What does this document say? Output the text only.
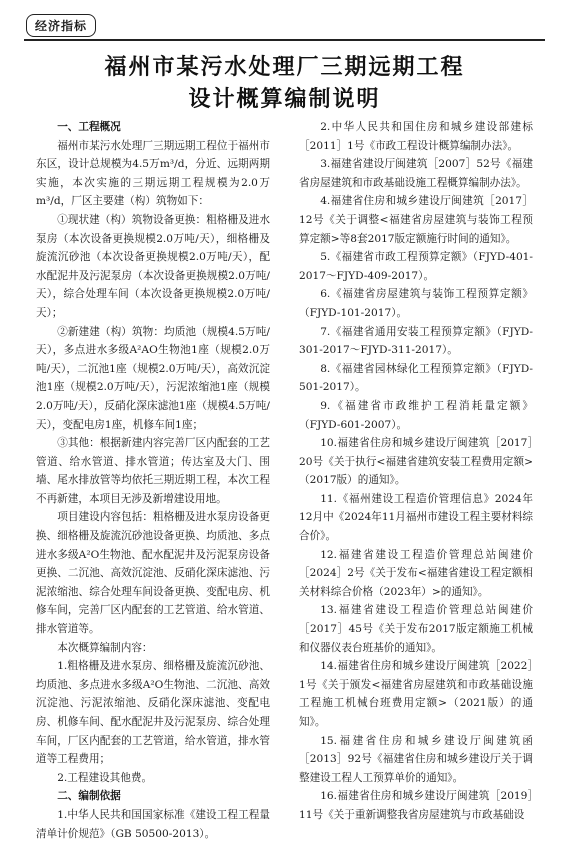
经济指标
福州市某污水处理厂三期远期工程
设计概算编制说明
一、工程概况

福州市某污水处理厂三期远期工程位于福州市东区，设计总规模为4.5万m³/d，分近、远期两期实施，本次实施的三期远期工程规模为2.0万m³/d，厂区主要建（构）筑物如下：

①现状建（构）筑物设备更换：粗格栅及进水泵房（本次设备更换规模2.0万吨/天），细格栅及旋流沉砂池（本次设备更换规模2.0万吨/天），配水配泥井及污泥泵房（本次设备更换规模2.0万吨/天），综合处理车间（本次设备更换规模2.0万吨/天）；

②新建建（构）筑物：均质池（规模4.5万吨/天），多点进水多级A²AO生物池1座（规模2.0万吨/天），二沉池1座（规模2.0万吨/天），高效沉淀池1座（规模2.0万吨/天），污泥浓缩池1座（规模2.0万吨/天），反硝化深床滤池1座（规模4.5万吨/天），变配电房1座，机修车间1座；

③其他：根据新建内容完善厂区内配套的工艺管道、给水管道、排水管道；传达室及大门、围墙、尾水排放管等均依托三期近期工程，本次工程不再新建，本项目无涉及新增建设用地。

项目建设内容包括：粗格栅及进水泵房设备更换、细格栅及旋流沉砂池设备更换、均质池、多点进水多级A²O生物池、配水配泥井及污泥泵房设备更换、二沉池、高效沉淀池、反硝化深床滤池、污泥浓缩池、综合处理车间设备更换、变配电房、机修车间，完善厂区内配套的工艺管道、给水管道、排水管道等。

本次概算编制内容：

1.粗格栅及进水泵房、细格栅及旋流沉砂池、均质池、多点进水多级A²O生物池、二沉池、高效沉淀池、污泥浓缩池、反硝化深床滤池、变配电房、机修车间、配水配泥井及污泥泵房、综合处理车间，厂区内配套的工艺管道，给水管道，排水管道等工程费用；

2.工程建设其他费。

二、编制依据

1.中华人民共和国国家标准《建设工程工程量清单计价规范》（GB 50500-2013）。

2.中华人民共和国住房和城乡建设部建标［2011］1号《市政工程设计概算编制办法》。

3.福建省建设厅闽建筑［2007］52号《福建省房屋建筑和市政基础设施工程概算编制办法》。

4.福建省住房和城乡建设厅闽建筑［2017］12号《关于调整<福建省房屋建筑与装饰工程预算定额>等8套2017版定额施行时间的通知》。

5.《福建省市政工程预算定额》（FJYD-401-2017～FJYD-409-2017）。

6.《福建省房屋建筑与装饰工程预算定额》（FJYD-101-2017）。

7.《福建省通用安装工程预算定额》（FJYD-301-2017～FJYD-311-2017）。

8.《福建省园林绿化工程预算定额》（FJYD-501-2017）。

9.《福建省市政维护工程消耗量定额》（FJYD-601-2007）。

10.福建省住房和城乡建设厅闽建筑［2017］20号《关于执行<福建省建筑安装工程费用定额>（2017版）的通知》。

11.《福州建设工程造价管理信息》2024年12月中《2024年11月福州市建设工程主要材料综合价》。

12.福建省建设工程造价管理总站闽建价［2024］2号《关于发布<福建省建设工程定额相关材料综合价格（2023年）>的通知》。

13.福建省建设工程造价管理总站闽建价［2017］45号《关于发布2017版定额施工机械和仪器仪表台班基价的通知》。

14.福建省住房和城乡建设厅闽建筑［2022］1号《关于颁发<福建省房屋建筑和市政基础设施工程施工机械台班费用定额>（2021版）的通知》。

15.福建省住房和城乡建设厅闽建筑函［2013］92号《福建省住房和城乡建设厅关于调整建设工程人工预算单价的通知》。

16.福建省住房和城乡建设厅闽建筑［2019］11号《关于重新调整我省房屋建筑与市政基础设
